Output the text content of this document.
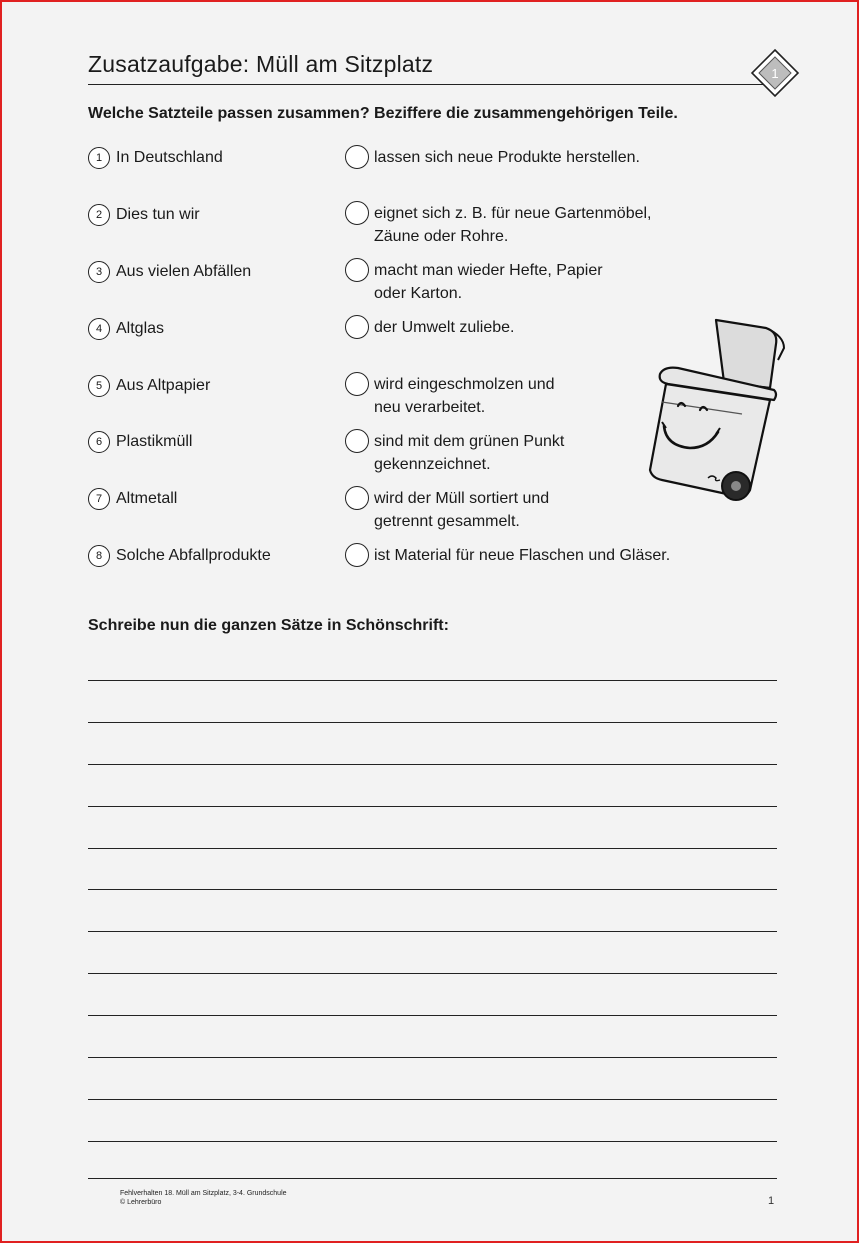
Zusatzaufgabe: Müll am Sitzplatz	1
Welche Satzteile passen zusammen? Beziffere die zusammengehörigen Teile.
1 In Deutschland
2 Dies tun wir
3 Aus vielen Abfällen
4 Altglas
5 Aus Altpapier
6 Plastikmüll
7 Altmetall
8 Solche Abfallprodukte
lassen sich neue Produkte herstellen.
eignet sich z. B. für neue Gartenmöbel,
Zäune oder Rohre.
macht man wieder Hefte, Papier
oder Karton.
der Umwelt zuliebe.
wird eingeschmolzen und
neu verarbeitet.
sind mit dem grünen Punkt
gekennzeichnet.
wird der Müll sortiert und
getrennt gesammelt.
ist Material für neue Flaschen und Gläser.
Schreibe nun die ganzen Sätze in Schönschrift:
Fehlverhalten 18. Müll am Sitzplatz, 3-4. Grundschule
© Lehrerbüro	1
